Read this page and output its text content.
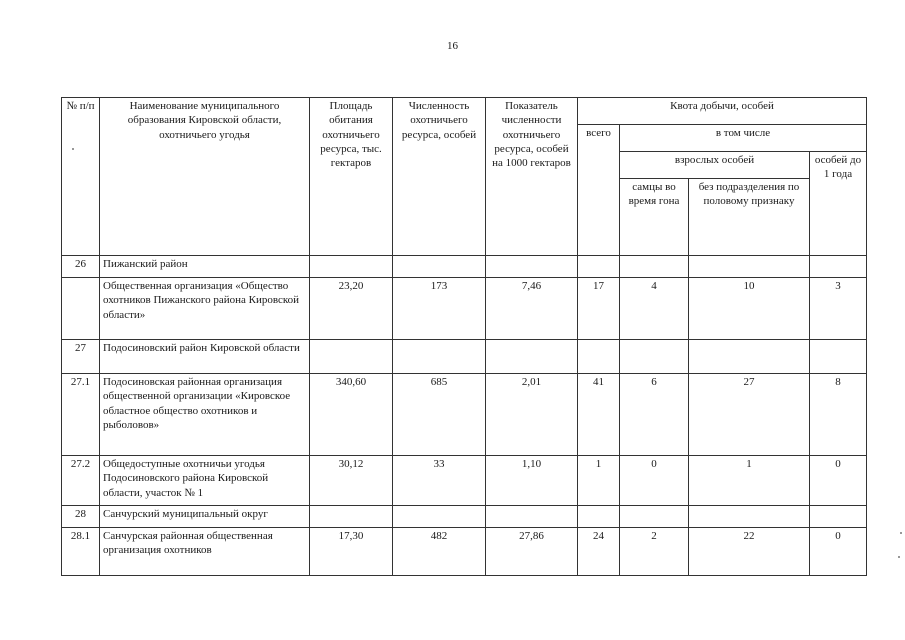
16
№ п/п	Наименование муниципального образования Кировской области, охотничьего угодья	Площадь обитания охотничьего ресурса, тыс. гектаров	Численность охотничьего ресурса, особей	Показатель численности охотничьего ресурса, особей на 1000 гектаров	Квота добычи, особей			
					всего	в том числе		
						взрослых особей		особей до 1 года
						самцы во время гона	без подразделения по половому признаку	
26	Пижанский район							
	Общественная организация «Общество охотников Пижанского района Кировской области»	23,20	173	7,46	17	4	10	3
27	Подосиновский район Кировской области							
27.1	Подосиновская районная организация общественной организации «Кировское областное общество охотников и рыболовов»	340,60	685	2,01	41	6	27	8
27.2	Общедоступные охотничьи угодья Подосиновского района Кировской области, участок № 1	30,12	33	1,10	1	0	1	0
28	Санчурский муниципальный округ							
28.1	Санчурская районная общественная организация охотников	17,30	482	27,86	24	2	22	0
